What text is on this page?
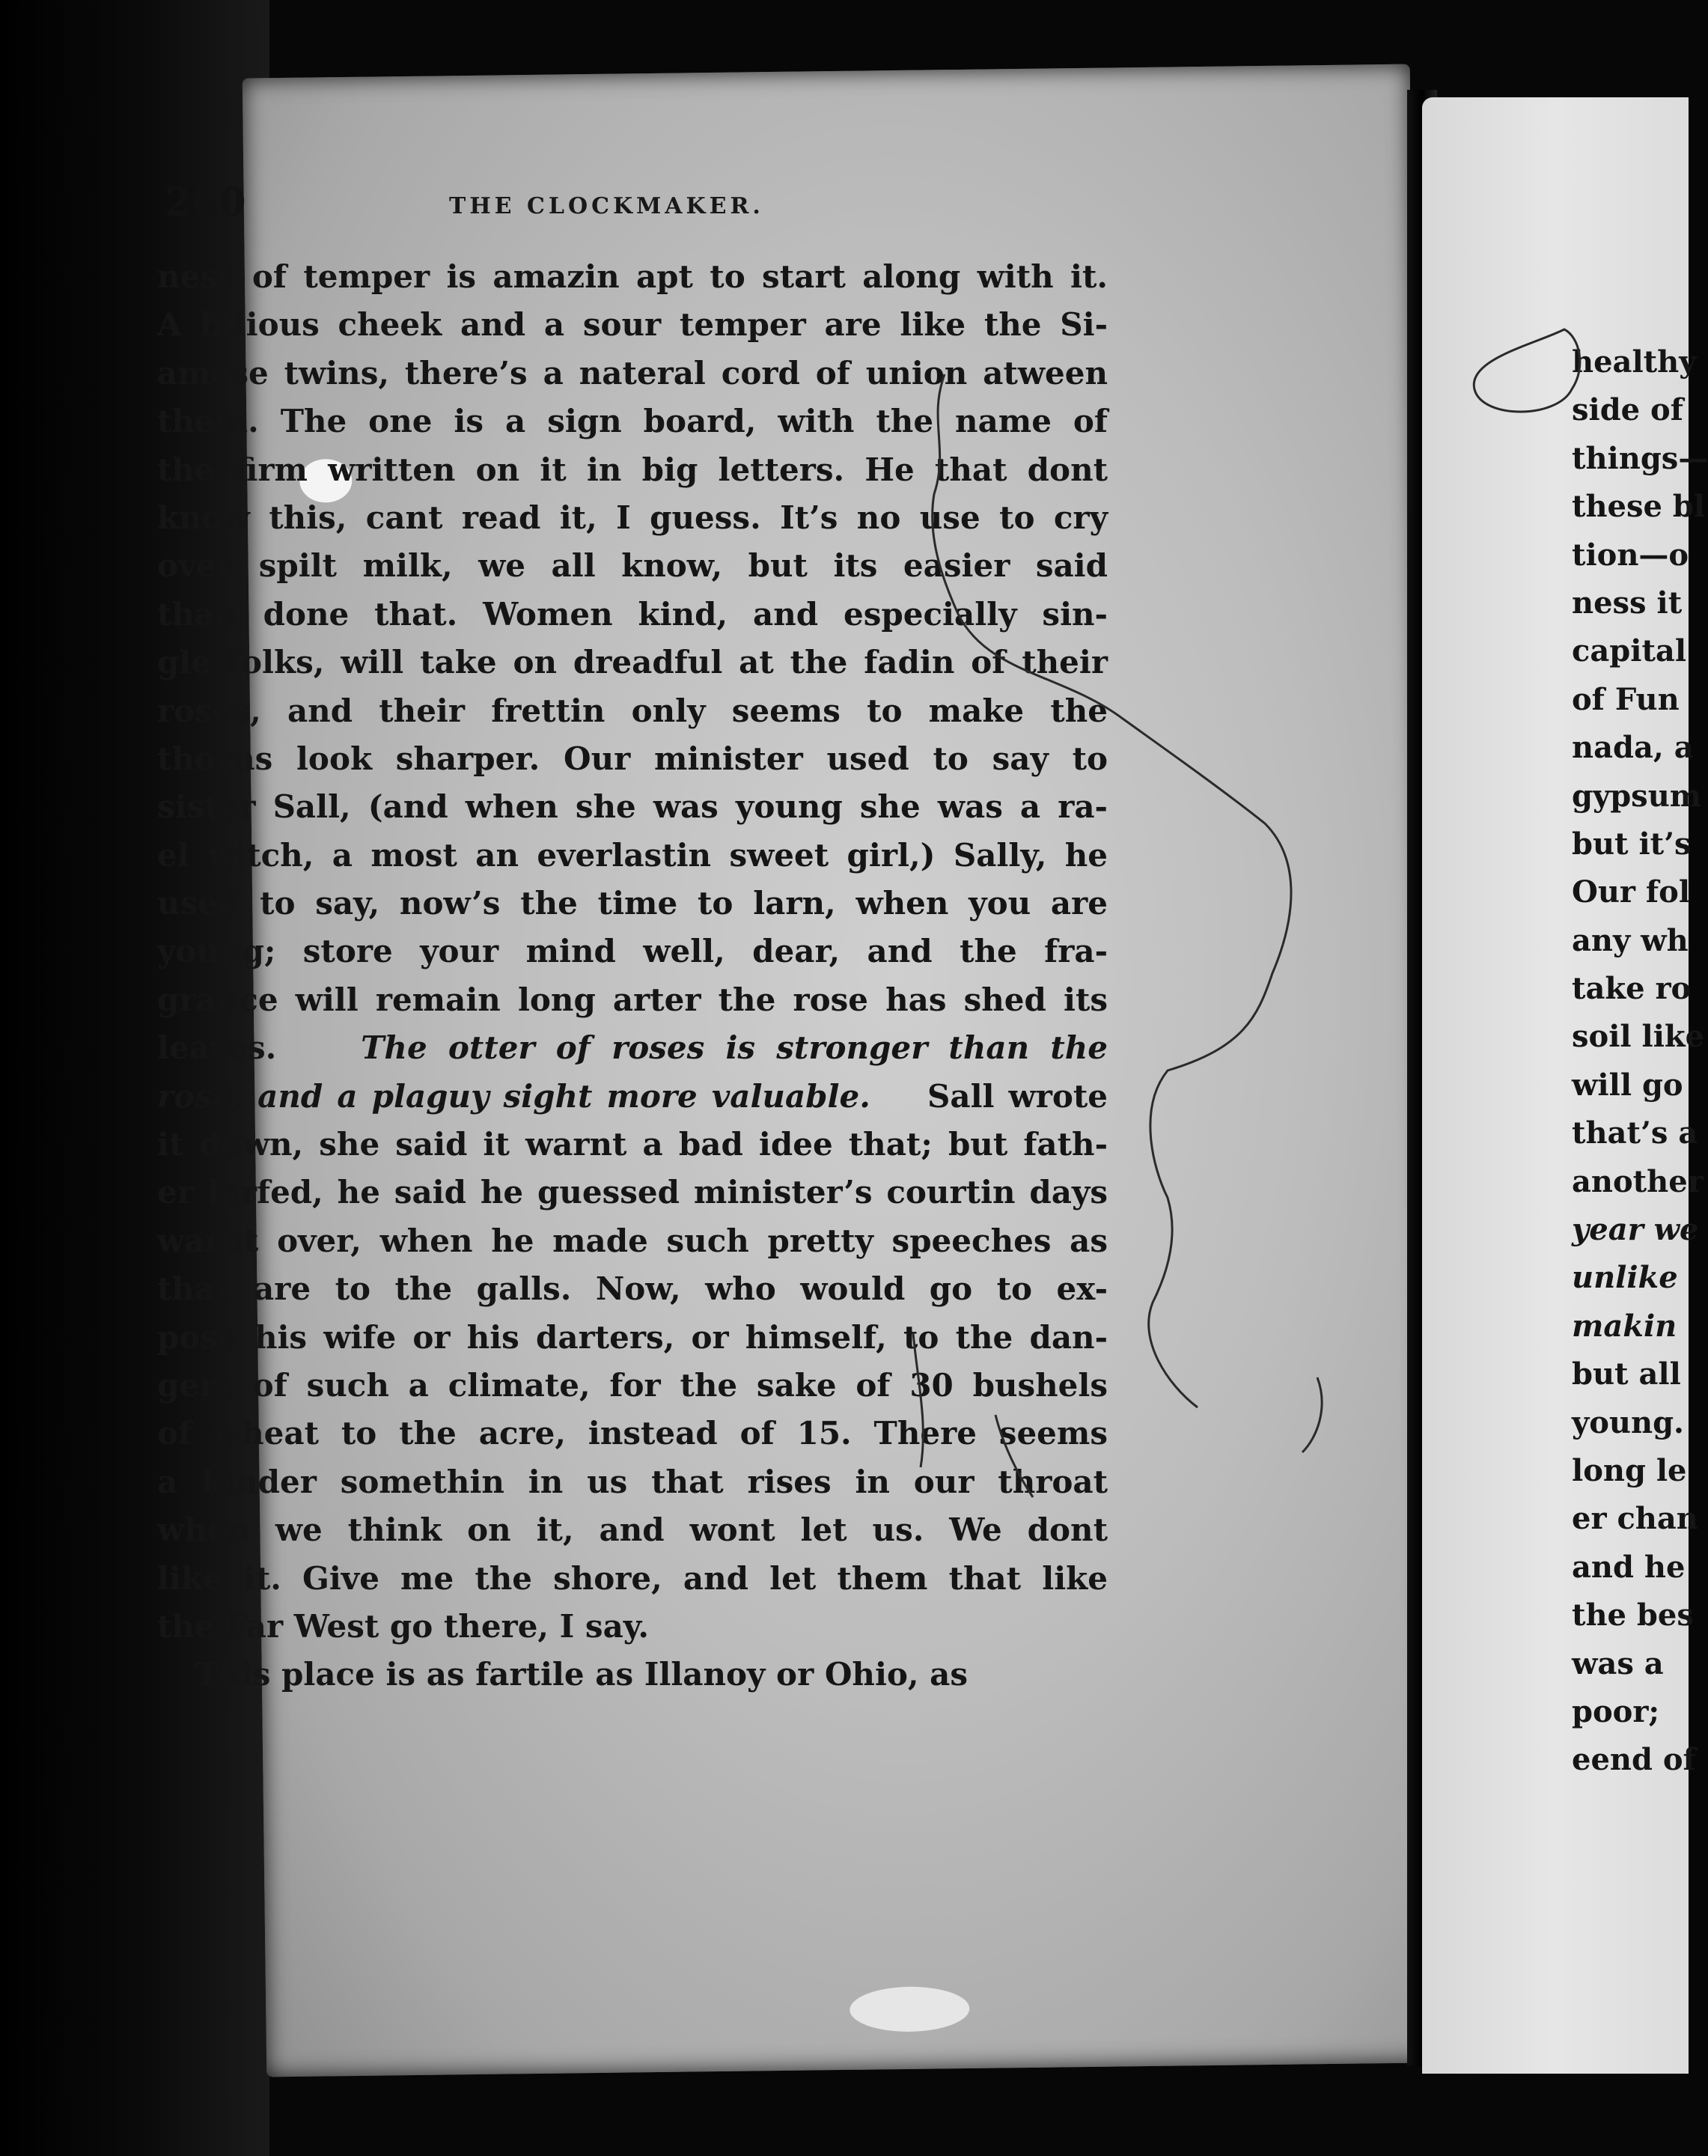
260	THE CLOCKMAKER.
ness of temper is amazin apt to start along with it.
A bilious cheek and a sour temper are like the Si-
amese twins, there’s a nateral cord of union atween
them. The one is a sign board, with the name of
the firm written on it in big letters. He that dont
know this, cant read it, I guess. It’s no use to cry
over spilt milk, we all know, but its easier said
than done that. Women kind, and especially sin-
gle folks, will take on dreadful at the fadin of their
roses, and their frettin only seems to make the
thorns look sharper. Our minister used to say to
sister Sall, (and when she was young she was a ra-
el witch, a most an everlastin sweet girl,) Sally, he
used to say, now’s the time to larn, when you are
young; store your mind well, dear, and the fra-
grance will remain long arter the rose has shed its
leaves.	The otter of roses is stronger than the
rose, and a plaguy sight more valuable. Sall wrote
it down, she said it warnt a bad idee that; but fath-
er larfed, he said he guessed minister’s courtin days
warnt over, when he made such pretty speeches as
that are to the galls. Now, who would go to ex-
pose his wife or his darters, or himself, to the dan-
gers of such a climate, for the sake of 30 bushels
of wheat to the acre, instead of 15. There seems
a kinder somethin in us that rises in our throat
when we think on it, and wont let us. We dont
like it. Give me the shore, and let them that like
the Far West go there, I say.
This place is as fartile as Illanoy or Ohio, as
healthy
side of
things—
these bl
tion—o
ness it
capital
of Fun
nada, a
gypsum
but it’s
Our fol
any wh
take ro
soil like
will go
that’s a
another
year we
unlike
makin
but all
young.
long le
er chan
and he
the bes
was a
poor;
eend of
